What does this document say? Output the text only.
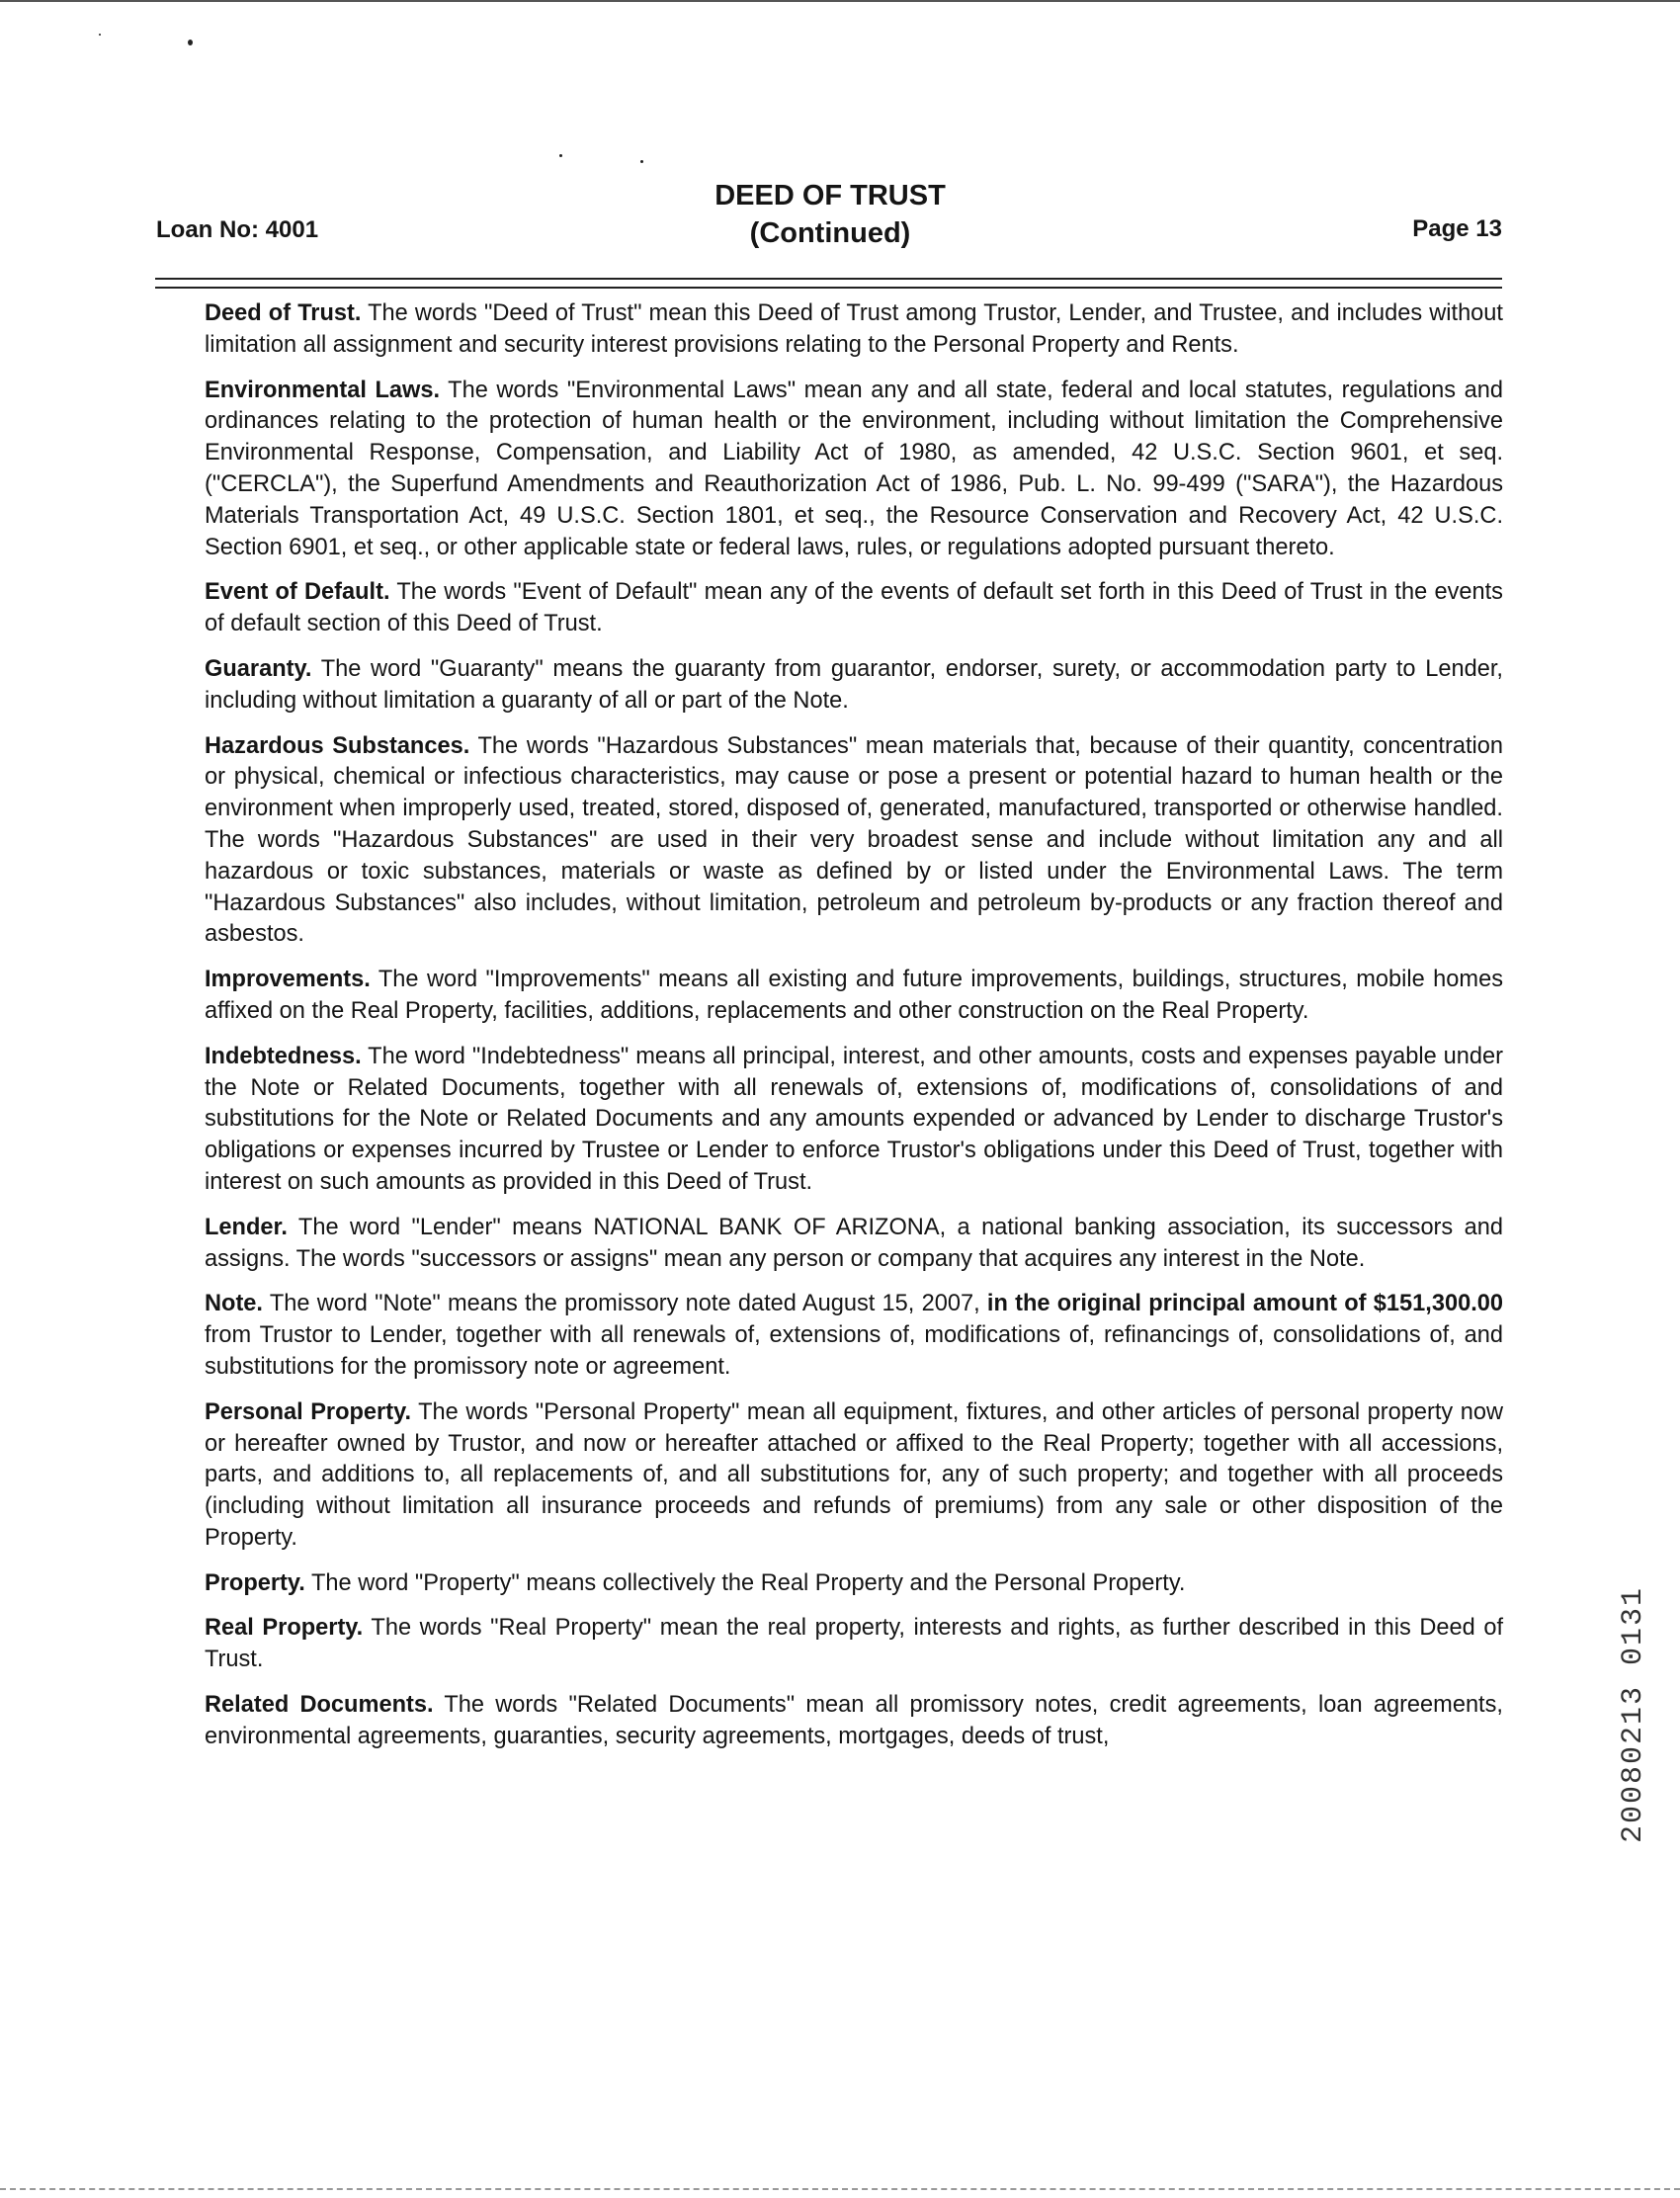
Loan No: 4001
DEED OF TRUST
(Continued)	Page 13

Deed of Trust. The words "Deed of Trust" mean this Deed of Trust among Trustor, Lender, and Trustee, and includes without limitation all assignment and security interest provisions relating to the Personal Property and Rents.

Environmental Laws. The words "Environmental Laws" mean any and all state, federal and local statutes, regulations and ordinances relating to the protection of human health or the environment, including without limitation the Comprehensive Environmental Response, Compensation, and Liability Act of 1980, as amended, 42 U.S.C. Section 9601, et seq. ("CERCLA"), the Superfund Amendments and Reauthorization Act of 1986, Pub. L. No. 99-499 ("SARA"), the Hazardous Materials Transportation Act, 49 U.S.C. Section 1801, et seq., the Resource Conservation and Recovery Act, 42 U.S.C. Section 6901, et seq., or other applicable state or federal laws, rules, or regulations adopted pursuant thereto.

Event of Default. The words "Event of Default" mean any of the events of default set forth in this Deed of Trust in the events of default section of this Deed of Trust.

Guaranty. The word "Guaranty" means the guaranty from guarantor, endorser, surety, or accommodation party to Lender, including without limitation a guaranty of all or part of the Note.

Hazardous Substances. The words "Hazardous Substances" mean materials that, because of their quantity, concentration or physical, chemical or infectious characteristics, may cause or pose a present or potential hazard to human health or the environment when improperly used, treated, stored, disposed of, generated, manufactured, transported or otherwise handled. The words "Hazardous Substances" are used in their very broadest sense and include without limitation any and all hazardous or toxic substances, materials or waste as defined by or listed under the Environmental Laws. The term "Hazardous Substances" also includes, without limitation, petroleum and petroleum by-products or any fraction thereof and asbestos.

Improvements. The word "Improvements" means all existing and future improvements, buildings, structures, mobile homes affixed on the Real Property, facilities, additions, replacements and other construction on the Real Property.

Indebtedness. The word "Indebtedness" means all principal, interest, and other amounts, costs and expenses payable under the Note or Related Documents, together with all renewals of, extensions of, modifications of, consolidations of and substitutions for the Note or Related Documents and any amounts expended or advanced by Lender to discharge Trustor's obligations or expenses incurred by Trustee or Lender to enforce Trustor's obligations under this Deed of Trust, together with interest on such amounts as provided in this Deed of Trust.

Lender. The word "Lender" means NATIONAL BANK OF ARIZONA, a national banking association, its successors and assigns. The words "successors or assigns" mean any person or company that acquires any interest in the Note.

Note. The word "Note" means the promissory note dated August 15, 2007, in the original principal amount of $151,300.00 from Trustor to Lender, together with all renewals of, extensions of, modifications of, refinancings of, consolidations of, and substitutions for the promissory note or agreement.

Personal Property. The words "Personal Property" mean all equipment, fixtures, and other articles of personal property now or hereafter owned by Trustor, and now or hereafter attached or affixed to the Real Property; together with all accessions, parts, and additions to, all replacements of, and all substitutions for, any of such property; and together with all proceeds (including without limitation all insurance proceeds and refunds of premiums) from any sale or other disposition of the Property.

Property. The word "Property" means collectively the Real Property and the Personal Property.

Real Property. The words "Real Property" mean the real property, interests and rights, as further described in this Deed of Trust.

Related Documents. The words "Related Documents" mean all promissory notes, credit agreements, loan agreements, environmental agreements, guaranties, security agreements, mortgages, deeds of trust,	20080213 0131
